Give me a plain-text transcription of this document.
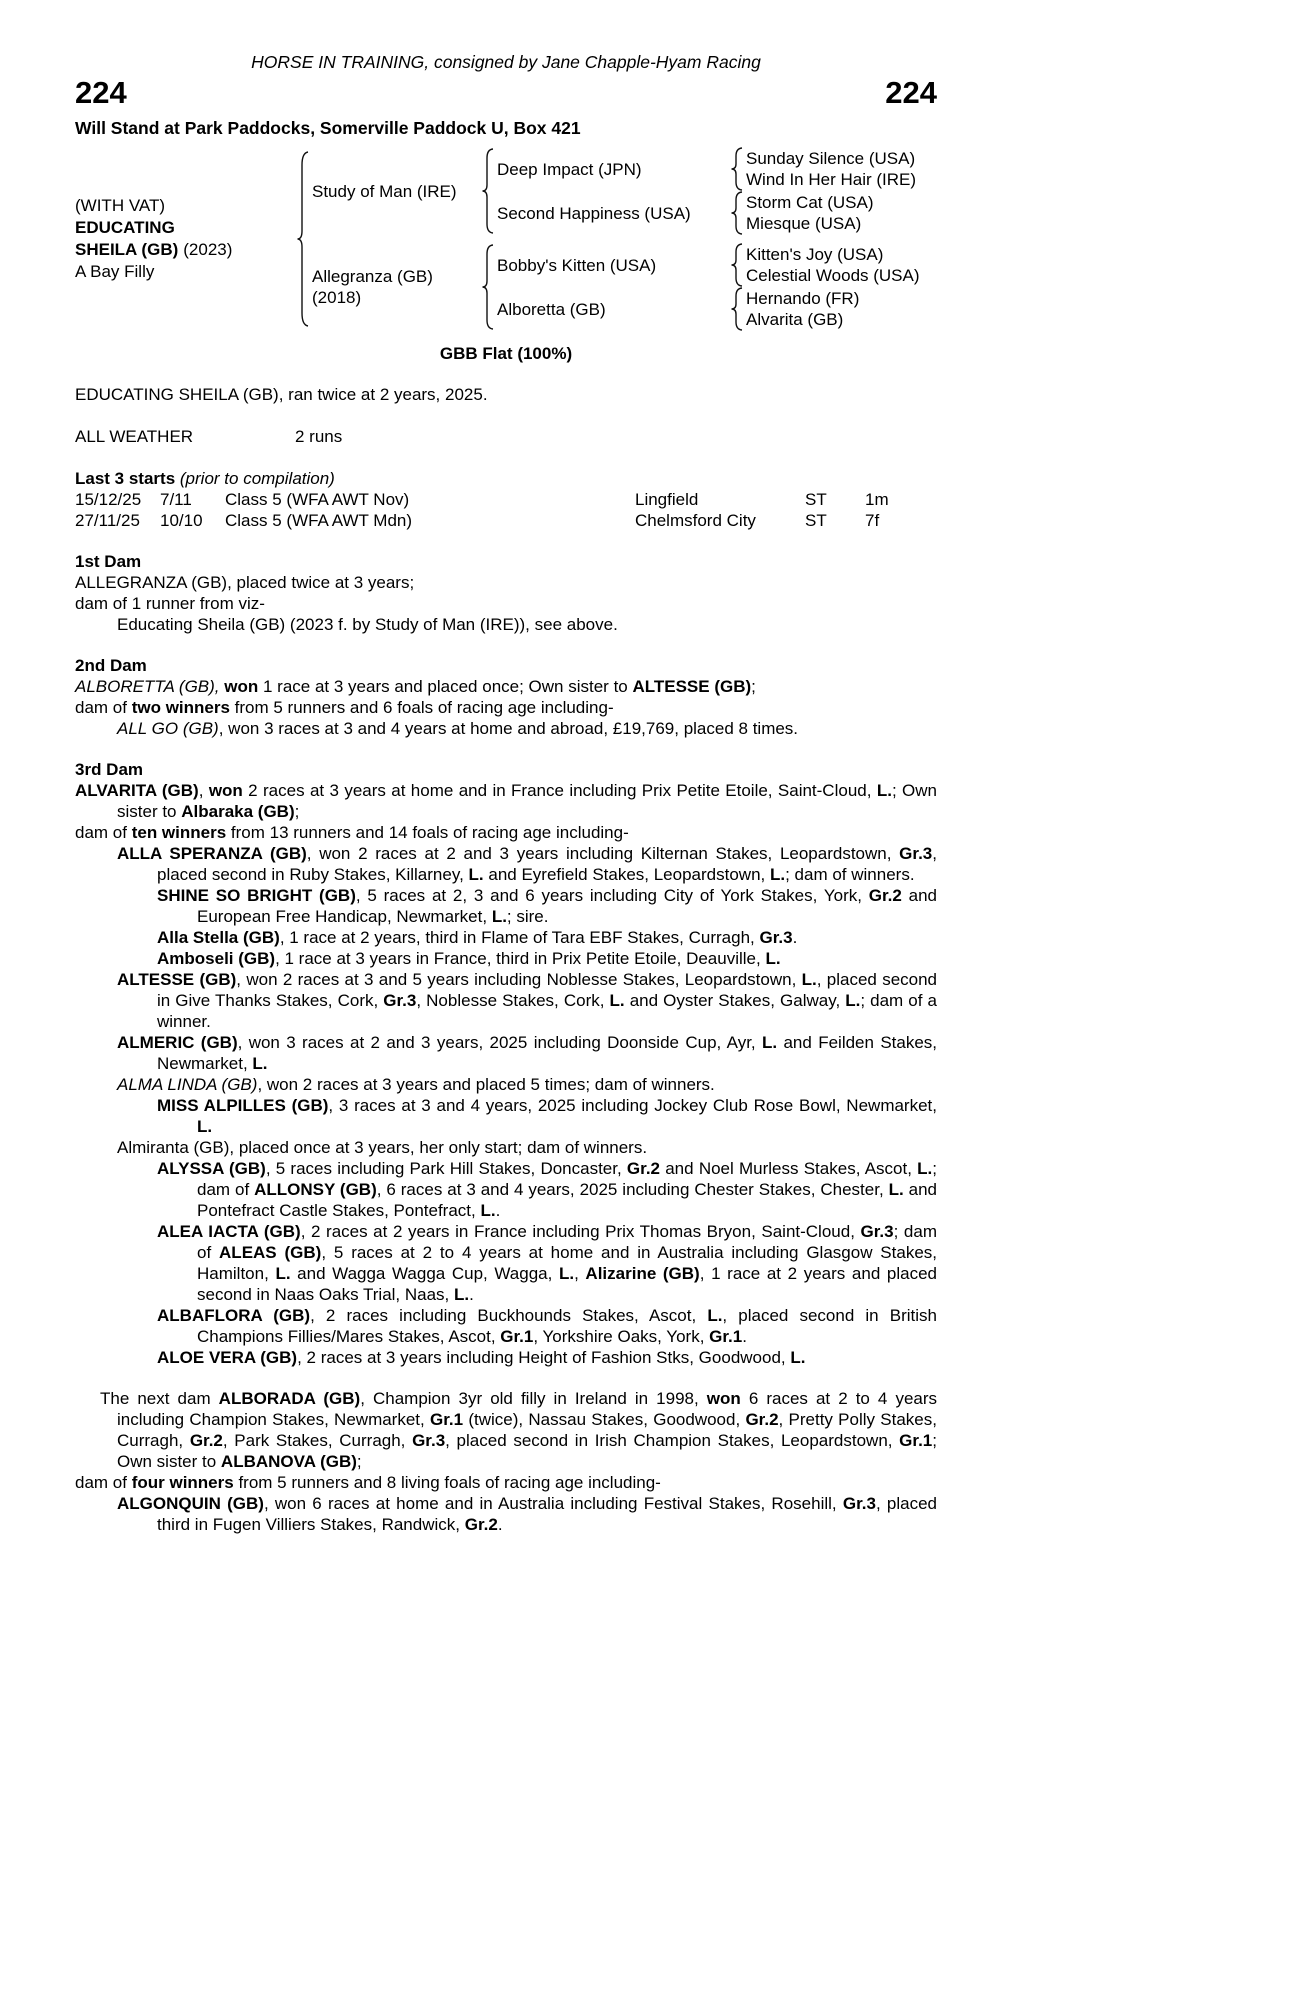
HORSE IN TRAINING, consigned by Jane Chapple-Hyam Racing
224	224
Will Stand at Park Paddocks, Somerville Paddock U, Box 421
(WITH VAT)
EDUCATING
SHEILA (GB) (2023)
A Bay Filly
Study of Man (IRE)
Deep Impact (JPN)
Sunday Silence (USA)
Wind In Her Hair (IRE)
Second Happiness (USA)
Storm Cat (USA)
Miesque (USA)
Allegranza (GB)
(2018)
Bobby's Kitten (USA)
Kitten's Joy (USA)
Celestial Woods (USA)
Alboretta (GB)
Hernando (FR)
Alvarita (GB)
GBB Flat (100%)
EDUCATING SHEILA (GB), ran twice at 2 years, 2025.
ALL WEATHER	2 runs
Last 3 starts (prior to compilation)
15/12/25	7/11	Class 5 (WFA AWT Nov)	Lingfield	ST	1m
27/11/25	10/10	Class 5 (WFA AWT Mdn)	Chelmsford City	ST	7f
1st Dam

ALLEGRANZA (GB), placed twice at 3 years;

dam of 1 runner from viz-

Educating Sheila (GB) (2023 f. by Study of Man (IRE)), see above.

2nd Dam

ALBORETTA (GB), won 1 race at 3 years and placed once; Own sister to ALTESSE (GB);

dam of two winners from 5 runners and 6 foals of racing age including-

ALL GO (GB), won 3 races at 3 and 4 years at home and abroad, £19,769, placed 8 times.

3rd Dam

ALVARITA (GB), won 2 races at 3 years at home and in France including Prix Petite Etoile, Saint-Cloud, L.; Own sister to Albaraka (GB);

dam of ten winners from 13 runners and 14 foals of racing age including-

ALLA SPERANZA (GB), won 2 races at 2 and 3 years including Kilternan Stakes, Leopardstown, Gr.3, placed second in Ruby Stakes, Killarney, L. and Eyrefield Stakes, Leopardstown, L.; dam of winners.

SHINE SO BRIGHT (GB), 5 races at 2, 3 and 6 years including City of York Stakes, York, Gr.2 and European Free Handicap, Newmarket, L.; sire.

Alla Stella (GB), 1 race at 2 years, third in Flame of Tara EBF Stakes, Curragh, Gr.3.

Amboseli (GB), 1 race at 3 years in France, third in Prix Petite Etoile, Deauville, L.

ALTESSE (GB), won 2 races at 3 and 5 years including Noblesse Stakes, Leopardstown, L., placed second in Give Thanks Stakes, Cork, Gr.3, Noblesse Stakes, Cork, L. and Oyster Stakes, Galway, L.; dam of a winner.

ALMERIC (GB), won 3 races at 2 and 3 years, 2025 including Doonside Cup, Ayr, L. and Feilden Stakes, Newmarket, L.

ALMA LINDA (GB), won 2 races at 3 years and placed 5 times; dam of winners.

MISS ALPILLES (GB), 3 races at 3 and 4 years, 2025 including Jockey Club Rose Bowl, Newmarket, L.

Almiranta (GB), placed once at 3 years, her only start; dam of winners.

ALYSSA (GB), 5 races including Park Hill Stakes, Doncaster, Gr.2 and Noel Murless Stakes, Ascot, L.; dam of ALLONSY (GB), 6 races at 3 and 4 years, 2025 including Chester Stakes, Chester, L. and Pontefract Castle Stakes, Pontefract, L..

ALEA IACTA (GB), 2 races at 2 years in France including Prix Thomas Bryon, Saint-Cloud, Gr.3; dam of ALEAS (GB), 5 races at 2 to 4 years at home and in Australia including Glasgow Stakes, Hamilton, L. and Wagga Wagga Cup, Wagga, L., Alizarine (GB), 1 race at 2 years and placed second in Naas Oaks Trial, Naas, L..

ALBAFLORA (GB), 2 races including Buckhounds Stakes, Ascot, L., placed second in British Champions Fillies/Mares Stakes, Ascot, Gr.1, Yorkshire Oaks, York, Gr.1.

ALOE VERA (GB), 2 races at 3 years including Height of Fashion Stks, Goodwood, L.

The next dam ALBORADA (GB), Champion 3yr old filly in Ireland in 1998, won 6 races at 2 to 4 years including Champion Stakes, Newmarket, Gr.1 (twice), Nassau Stakes, Goodwood, Gr.2, Pretty Polly Stakes, Curragh, Gr.2, Park Stakes, Curragh, Gr.3, placed second in Irish Champion Stakes, Leopardstown, Gr.1; Own sister to ALBANOVA (GB);

dam of four winners from 5 runners and 8 living foals of racing age including-

ALGONQUIN (GB), won 6 races at home and in Australia including Festival Stakes, Rosehill, Gr.3, placed third in Fugen Villiers Stakes, Randwick, Gr.2.
